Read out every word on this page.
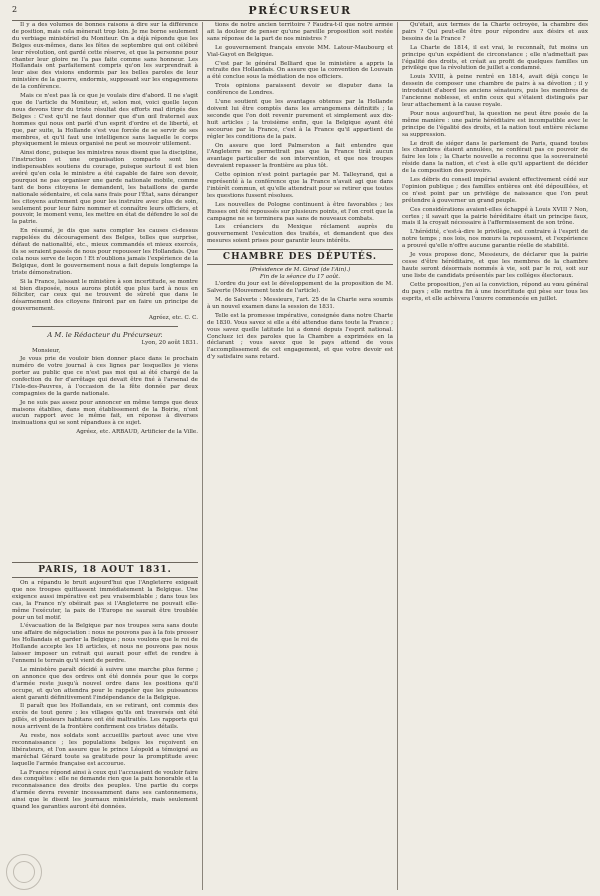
2	PRÉCURSEUR

Il y a des volumes de bonnes raisons à dire sur la différence de position, mais cela mènerait trop loin. Je me borne seulement du verbiage ministériel du Moniteur. On a déjà répondu que les Belges eux-mêmes, dans les fêtes de septembre qui ont célébré leur révolution, ont gardé cette réserve, et que la personne pour chanter leur gloire ne l'a pas faite comme sans honneur. Les Hollandais ont parfaitement compris qu'on les surprendrait à leur aise des visions endormis par les belles paroles de leur ministère de la guerre, endormis, supposant sur les engagemens de la conférence.

Mais ce n'est pas là ce que je voulais dire d'abord. Il ne s'agit que de l'article du Moniteur, et, selon moi, voici quelle leçon nous devons tirer du triste résultat des efforts mal dirigés des Belges : C'est qu'il ne faut donner que d'un œil fraternel aux hommes qui nous ont parlé d'un esprit d'ordre et de liberté, et que, par suite, la Hollande s'est vue forcée de se servir de ses membres, et qu'il faut une intelligence sans laquelle le corps physiquement le mieux organisé ne peut se mouvoir utilement.

Ainsi donc, puisque les ministres nous disent que la discipline, l'instruction et une organisation compacte sont les indispensables soutiens du courage, puisque surtout il est bien avéré qu'en cela le ministre a été capable de faire son devoir, pourquoi ne pas organiser une garde nationale mobile, comme tant de bons citoyens le demandent, les bataillons de garde nationale sédentaire, et cela sans frais pour l'État, sans déranger les citoyens autrement que pour les instruire avec plus de soin, seulement pour leur faire nommer et connaître leurs officiers, et pouvoir, le moment venu, les mettre en état de défendre le sol de la patrie.

En résumé, je dis que sans compter les causes ci-dessus rappelées du découragement des Belges, telles que surprise, défaut de nationalité, etc., mieux commandés et mieux exercés, ils se seraient passés de nous pour repousser les Hollandais. Que cela nous serve de leçon ! Et n'oublions jamais l'expérience de la Belgique, dont le gouvernement nous a fait depuis longtemps la triste démonstration.

Si la France, laissant le ministère à son incertitude, se montre si bien disposée, nous aurons plutôt que plus tard à nous en féliciter, car ceux qui ne trouvent de sûreté que dans le désarmement des citoyens finiront par en faire un principe de gouvernement.

Agréez, etc. C. C.
A M. le Rédacteur du Précurseur.
Lyon, 20 août 1831.
Monsieur,

Je vous prie de vouloir bien donner place dans le prochain numéro de votre journal à ces lignes par lesquelles je viens porter au public que ce n'est pas moi qui ai été chargé de la confection du fer d'arrêtage qui devait être fixé à l'arsenal de l'Isle-des-Pauvres, à l'occasion de la fête donnée par deux compagnies de la garde nationale.

Je ne suis pas assez pour annoncer en même temps que deux maisons établies, dans mon établissement de la Boirie, n'ont aucun rapport avec le même fait, en réponse à diverses insinuations qui se sont répandues à ce sujet.

Agréez, etc. ARBAUD, Artificier de la Ville.

tions de notre ancien territoire ? Faudra-t-il que notre armée ait la douleur de penser qu'une pareille proposition soit restée sans réponse de la part de nos ministres ?

Le gouvernement français envoie MM. Latour-Maubourg et Vial-Gayot en Belgique.

C'est par le général Belliard que le ministère a appris la retraite des Hollandais. On assure que la convention de Louvain a été conclue sous la médiation de nos officiers.

Trois opinions paraissent devoir se disputer dans la conférence de Londres.

L'une soutient que les avantages obtenus par la Hollande doivent lui être comptés dans les arrangemens définitifs ; la seconde que l'on doit revenir purement et simplement aux dix-huit articles ; la troisième enfin, que la Belgique ayant été secourue par la France, c'est à la France qu'il appartient de régler les conditions de la paix.

On assure que lord Palmerston a fait entendre que l'Angleterre ne permettrait pas que la France tirât aucun avantage particulier de son intervention, et que nos troupes devraient repasser la frontière au plus tôt.

Cette opinion n'est point partagée par M. Talleyrand, qui a représenté à la conférence que la France n'avait agi que dans l'intérêt commun, et qu'elle attendrait pour se retirer que toutes les questions fussent résolues.

Les nouvelles de Pologne continuent à être favorables ; les Russes ont été repoussés sur plusieurs points, et l'on croit que la campagne ne se terminera pas sans de nouveaux combats.

Les créanciers du Mexique réclament auprès du gouvernement l'exécution des traités, et demandent que des mesures soient prises pour garantir leurs intérêts.

CHAMBRE DES DÉPUTÉS.
(Présidence de M. Girod (de l'Ain).)
Fin de la séance du 17 août.

L'ordre du jour est le développement de la proposition de M. Salverte (Mouvement texte de l'article).

M. de Salverte : Messieurs, l'art. 25 de la Charte sera soumis à un nouvel examen dans la session de 1831.

Telle est la promesse impérative, consignée dans notre Charte de 1830. Vous savez si elle a été attendue dans toute la France ; vous savez quelle latitude lui a donné depuis l'esprit national. Concluez ici des paroles que la Chambre a exprimées en la déclarant ; vous savez que le pays attend de vous l'accomplissement de cet engagement, et que votre devoir est d'y satisfaire sans retard.

Qu'était, aux termes de la Charte octroyée, la chambre des pairs ? Qui peut-elle être pour répondre aux désirs et aux besoins de la France ?

La Charte de 1814, il est vrai, le reconnaît, fut moins un principe qu'un expédient de circonstance ; elle n'admettait pas l'égalité des droits, et créait au profit de quelques familles un privilège que la révolution de juillet a condamné.

Louis XVIII, à peine rentré en 1814, avait déjà conçu le dessein de composer une chambre de pairs à sa dévotion ; il y introduisit d'abord les anciens sénateurs, puis les membres de l'ancienne noblesse, et enfin ceux qui s'étaient distingués par leur attachement à la cause royale.

Pour nous aujourd'hui, la question ne peut être posée de la même manière : une pairie héréditaire est incompatible avec le principe de l'égalité des droits, et la nation tout entière réclame sa suppression.

Le droit de siéger dans le parlement de Paris, quand toutes les chambres étaient annulées, ne conférait pas ce pouvoir de faire les lois ; la Charte nouvelle a reconnu que la souveraineté réside dans la nation, et c'est à elle qu'il appartient de décider de la composition des pouvoirs.

Les débris du conseil impérial avaient effectivement cédé sur l'opinion publique ; des familles entières ont été dépouillées, et ce n'est point par un privilège de naissance que l'on peut prétendre à gouverner un grand peuple.

Ces considérations avaient-elles échappé à Louis XVIII ? Non, certes ; il savait que la pairie héréditaire était un principe faux, mais il la croyait nécessaire à l'affermissement de son trône.

L'hérédité, c'est-à-dire le privilège, est contraire à l'esprit de notre temps ; nos lois, nos mœurs la repoussent, et l'expérience a prouvé qu'elle n'offre aucune garantie réelle de stabilité.

Je vous propose donc, Messieurs, de déclarer que la pairie cesse d'être héréditaire, et que les membres de la chambre haute seront désormais nommés à vie, soit par le roi, soit sur une liste de candidats présentés par les colléges électoraux.

Cette proposition, j'en ai la conviction, répond au vœu général du pays ; elle mettra fin à une incertitude qui pèse sur tous les esprits, et elle achèvera l'œuvre commencée en juillet.

PARIS, 18 AOUT 1831.

On a répandu le bruit aujourd'hui que l'Angleterre exigeait que nos troupes quittassent immédiatement la Belgique. Une exigence aussi impérative est peu vraisemblable ; dans tous les cas, la France n'y obéirait pas si l'Angleterre ne pouvait elle-même l'exécuter, la paix de l'Europe ne saurait être troublée pour un tel motif.

L'évacuation de la Belgique par nos troupes sera sans doute une affaire de négociation : nous ne pouvons pas à la fois presser les Hollandais et garder la Belgique ; nous voulons que le roi de Hollande accepte les 18 articles, et nous ne pouvons pas nous laisser imposer un retrait qui aurait pour effet de rendre à l'ennemi le terrain qu'il vient de perdre.

Le ministère paraît décidé à suivre une marche plus ferme ; on annonce que des ordres ont été donnés pour que le corps d'armée reste jusqu'à nouvel ordre dans les positions qu'il occupe, et qu'on attendra pour le rappeler que les puissances aient garanti définitivement l'indépendance de la Belgique.

Il paraît que les Hollandais, en se retirant, ont commis des excès de tout genre ; les villages qu'ils ont traversés ont été pillés, et plusieurs habitans ont été maltraités. Les rapports qui nous arrivent de la frontière confirment ces tristes détails.

Au reste, nos soldats sont accueillis partout avec une vive reconnaissance ; les populations belges les reçoivent en libérateurs, et l'on assure que le prince Léopold a témoigné au maréchal Gérard toute sa gratitude pour la promptitude avec laquelle l'armée française est accourue.

La France répond ainsi à ceux qui l'accusaient de vouloir faire des conquêtes : elle ne demande rien que la paix honorable et la reconnaissance des droits des peuples. Une partie du corps d'armée devra revenir incessamment dans ses cantonnemens, ainsi que le disent les journaux ministériels, mais seulement quand les garanties auront été données.
